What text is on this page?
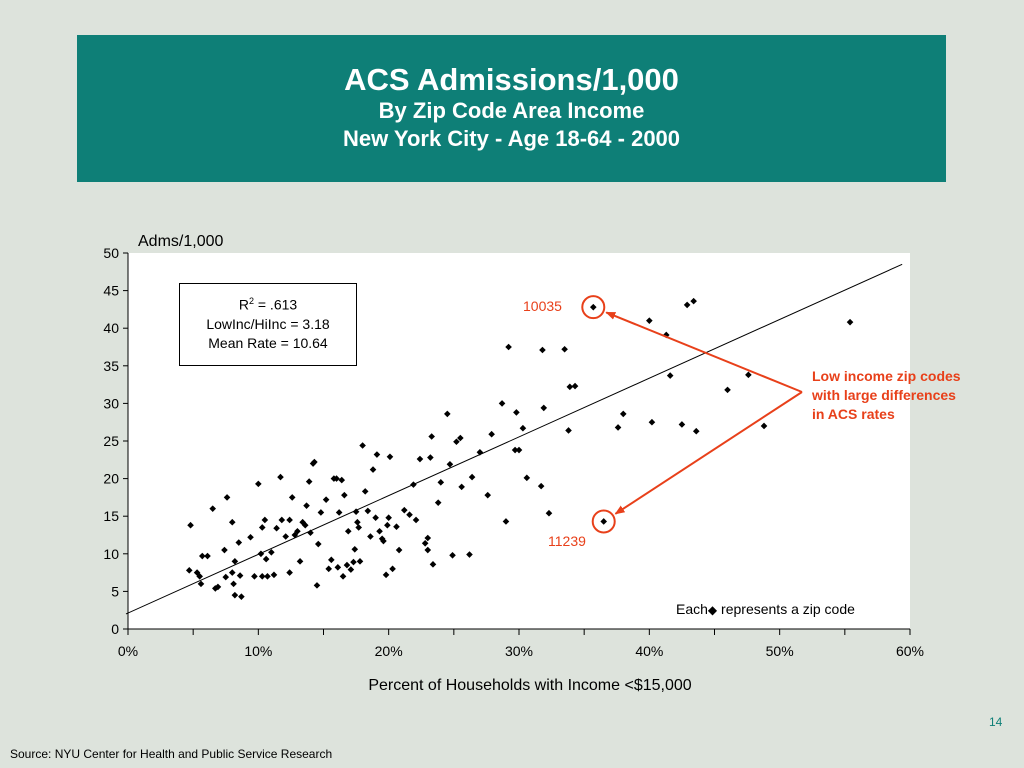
ACS Admissions/1,000
By Zip Code Area Income
New York City - Age 18-64 - 2000
0
5
10
15
20
25
30
35
40
45
50
0%	10%	20%	30%	40%	50%	60%
Adms/1,000
Percent of Households with Income <$15,000
$R^2 = .613$
LowInc/HiInc = 3.18
Mean Rate = 10.64
10035
11239
Low income zip codes
with large differences
in ACS rates
Each◆ represents a zip code
14
Source: NYU Center for Health and Public Service Research
